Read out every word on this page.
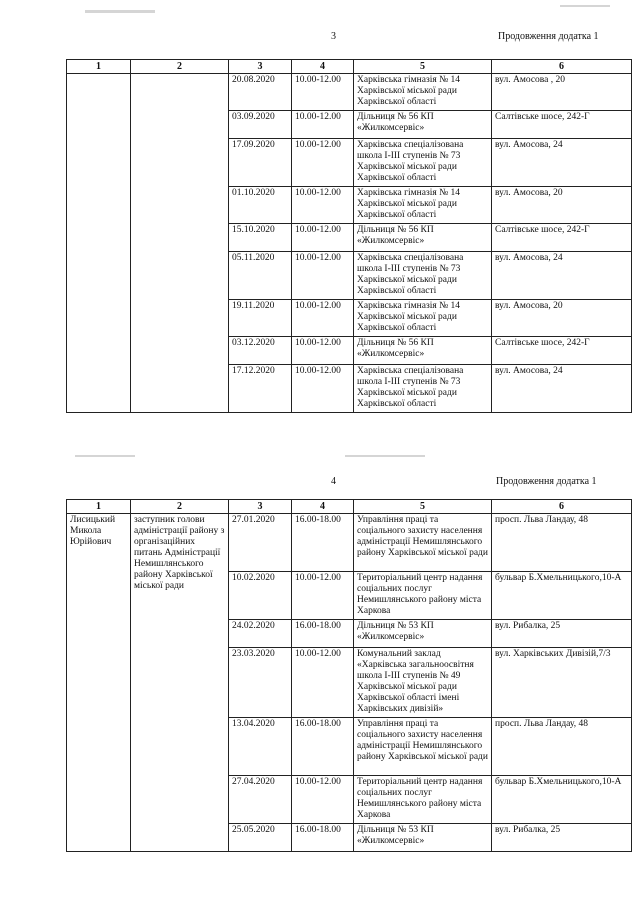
3	Продовження додатка 1
1	2	3	4	5	6
		20.08.2020	10.00-12.00	Харківська гімназія № 14 Харківської міської ради Харківської області	вул. Амосова , 20
		03.09.2020	10.00-12.00	Дільниця № 56 КП «Жилкомсервіс»	Салтівське шосе, 242-Г
		17.09.2020	10.00-12.00	Харківська спеціалізована школа І-ІІІ ступенів № 73 Харківської міської ради Харківської області	вул. Амосова, 24
		01.10.2020	10.00-12.00	Харківська гімназія № 14 Харківської міської ради Харківської області	вул. Амосова, 20
		15.10.2020	10.00-12.00	Дільниця № 56 КП «Жилкомсервіс»	Салтівське шосе, 242-Г
		05.11.2020	10.00-12.00	Харківська спеціалізована школа І-ІІІ ступенів № 73 Харківської міської ради Харківської області	вул. Амосова, 24
		19.11.2020	10.00-12.00	Харківська гімназія № 14 Харківської міської ради Харківської області	вул. Амосова, 20
		03.12.2020	10.00-12.00	Дільниця № 56 КП «Жилкомсервіс»	Салтівське шосе, 242-Г
		17.12.2020	10.00-12.00	Харківська спеціалізована школа І-ІІІ ступенів № 73 Харківської міської ради Харківської області	вул. Амосова, 24
4	Продовження додатка 1
1	2	3	4	5	6
Лисицький Микола Юрійович	заступник голови адміністрації району з організаційних питань Адміністрації Немишлянського району Харківської міської ради	27.01.2020	16.00-18.00	Управління праці та соціального захисту населення адміністрації Немишлянського району Харківської міської ради	просп. Льва Ландау, 48
		10.02.2020	10.00-12.00	Територіальний центр надання соціальних послуг Немишлянського району міста Харкова	бульвар Б.Хмельницького,10-А
		24.02.2020	16.00-18.00	Дільниця № 53 КП «Жилкомсервіс»	вул. Рибалка, 25
		23.03.2020	10.00-12.00	Комунальний заклад «Харківська загальноосвітня школа І-ІІІ ступенів № 49 Харківської міської ради Харківської області імені Харківських дивізій»	вул. Харківських Дивізій,7/3
		13.04.2020	16.00-18.00	Управління праці та соціального захисту населення адміністрації Немишлянського району Харківської міської ради	просп. Льва Ландау, 48
		27.04.2020	10.00-12.00	Територіальний центр надання соціальних послуг Немишлянського району міста Харкова	бульвар Б.Хмельницького,10-А
		25.05.2020	16.00-18.00	Дільниця № 53 КП «Жилкомсервіс»	вул. Рибалка, 25
